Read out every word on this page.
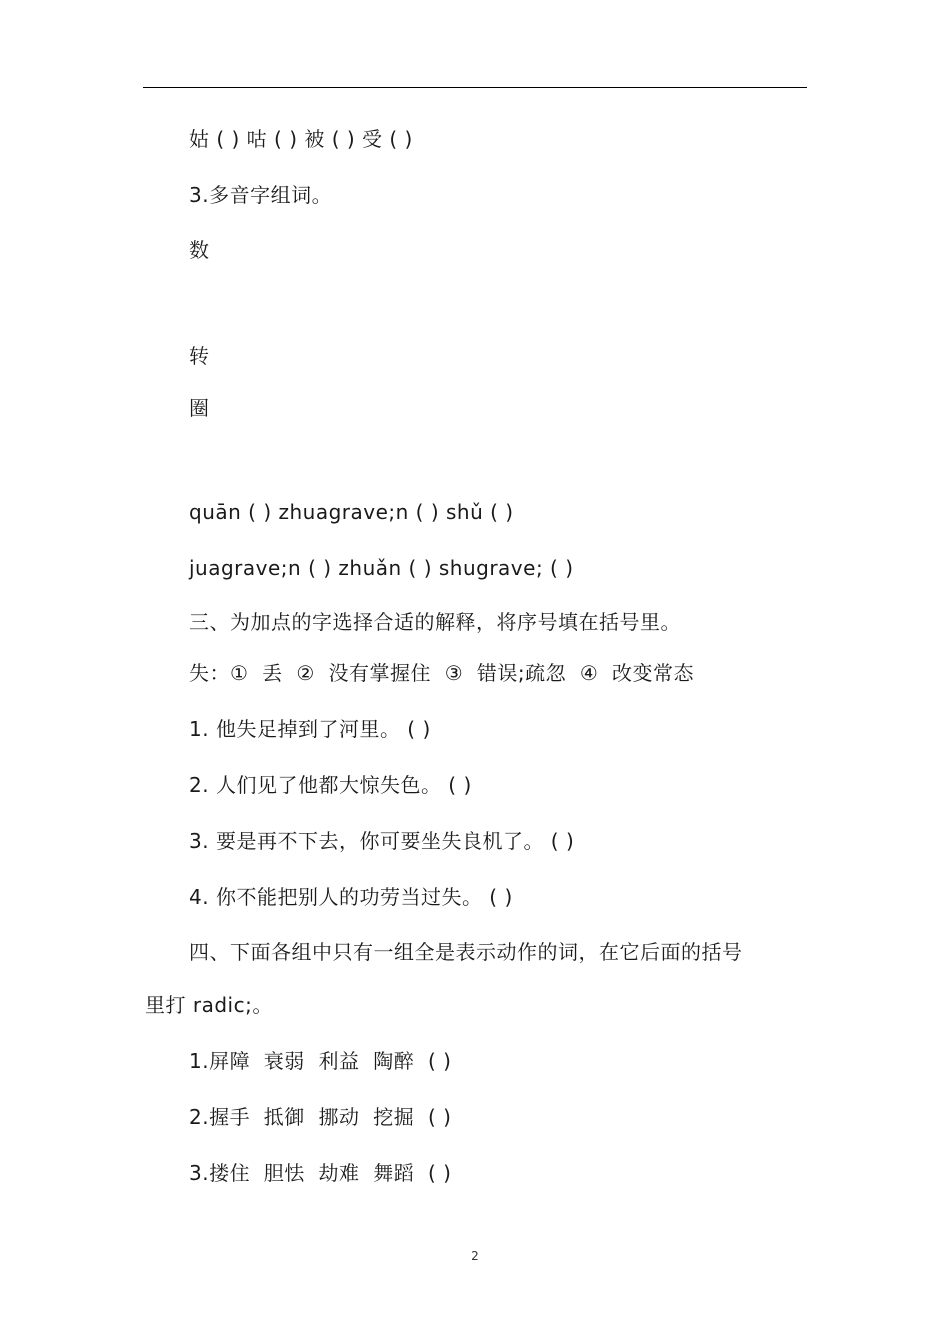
姑 ( ) 咕 ( ) 被 ( ) 受 ( )
3.多音字组词。
数
转
圈
quān ( ) zhuagrave;n ( ) shǔ ( )
juagrave;n ( ) zhuǎn ( ) shugrave; ( )
三、为加点的字选择合适的解释，将序号填在括号里。
失：①  丢  ②  没有掌握住  ③  错误;疏忽  ④  改变常态
1. 他失足掉到了河里。 ( )
2. 人们见了他都大惊失色。 ( )
3. 要是再不下去，你可要坐失良机了。 ( )
4. 你不能把别人的功劳当过失。 ( )
四、下面各组中只有一组全是表示动作的词，在它后面的括号
里打 radic;。
1.屏障  衰弱  利益  陶醉  ( )
2.握手  抵御  挪动  挖掘  ( )
3.搂住  胆怯  劫难  舞蹈  ( )
2
